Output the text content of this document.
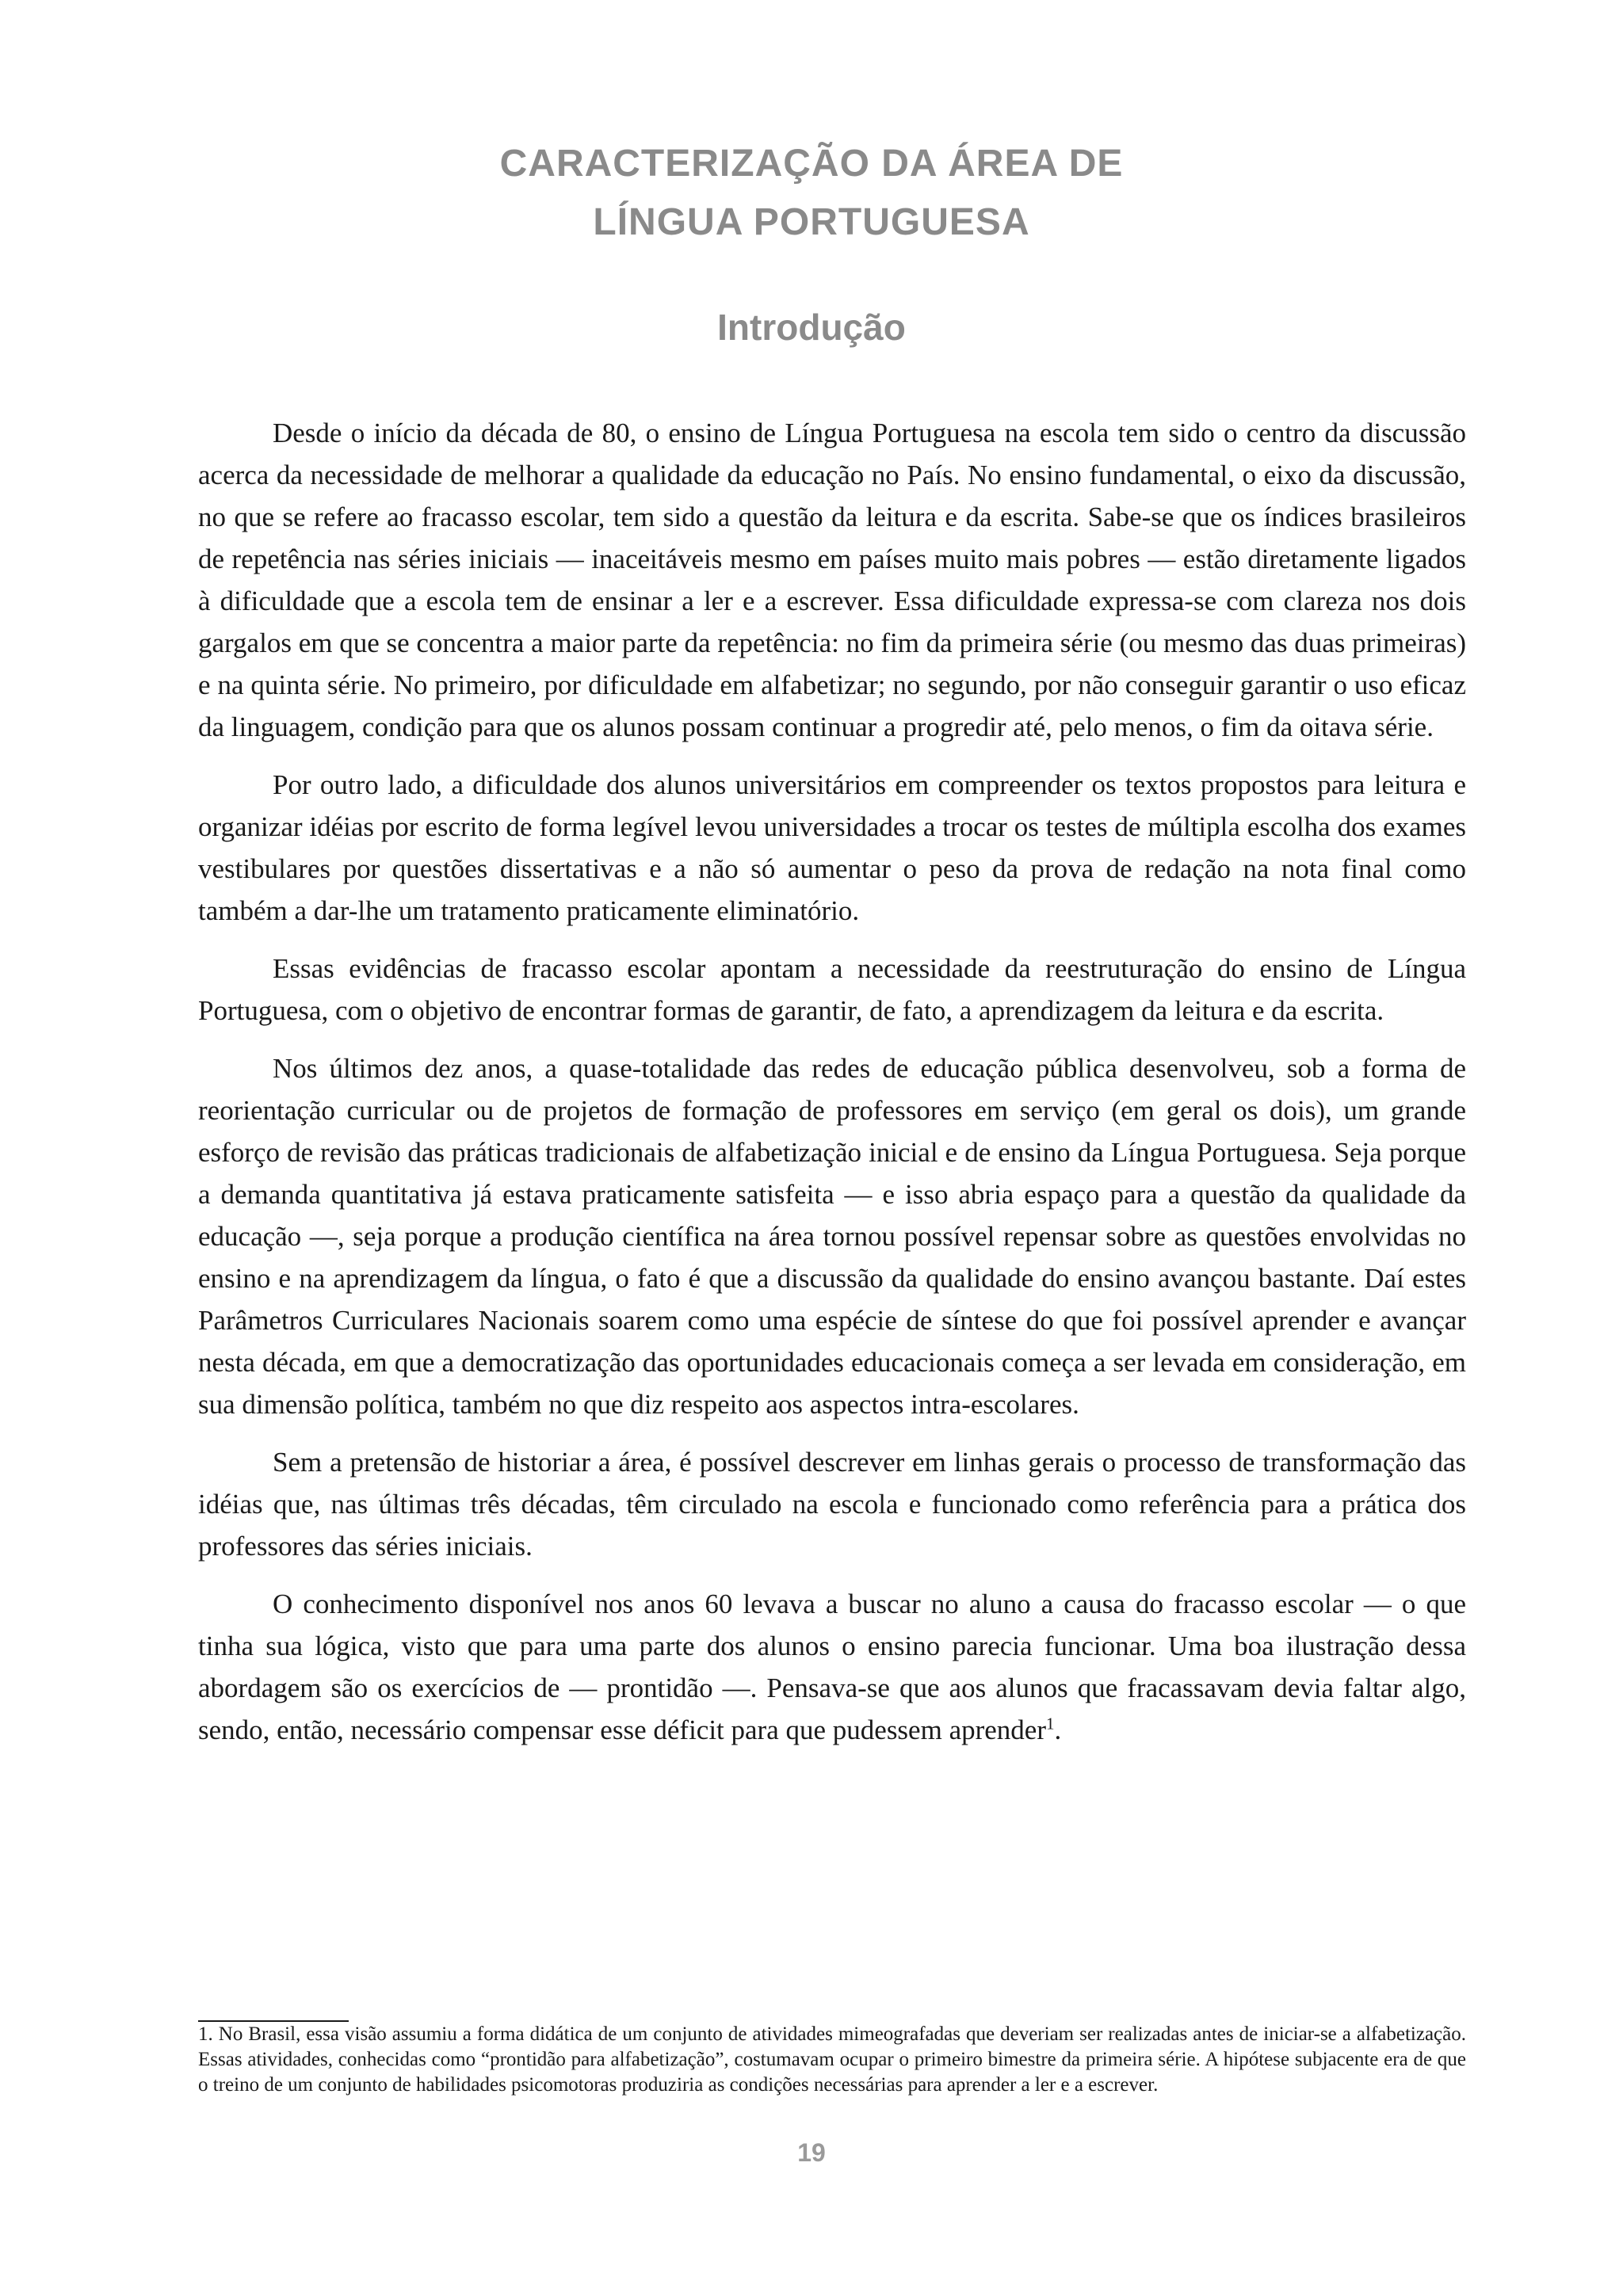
CARACTERIZAÇÃO DA ÁREA DE
LÍNGUA PORTUGUESA
Introdução

Desde o início da década de 80, o ensino de Língua Portuguesa na escola tem sido o centro da discussão acerca da necessidade de melhorar a qualidade da educação no País. No ensino fundamental, o eixo da discussão, no que se refere ao fracasso escolar, tem sido a questão da leitura e da escrita. Sabe-se que os índices brasileiros de repetência nas séries iniciais — inaceitáveis mesmo em países muito mais pobres — estão diretamente ligados à dificuldade que a escola tem de ensinar a ler e a escrever. Essa dificuldade expressa-se com clareza nos dois gargalos em que se concentra a maior parte da repetência: no fim da primeira série (ou mesmo das duas primeiras) e na quinta série. No primeiro, por dificuldade em alfabetizar; no segundo, por não conseguir garantir o uso eficaz da linguagem, condição para que os alunos possam continuar a progredir até, pelo menos, o fim da oitava série.

Por outro lado, a dificuldade dos alunos universitários em compreender os textos propostos para leitura e organizar idéias por escrito de forma legível levou universidades a trocar os testes de múltipla escolha dos exames vestibulares por questões dissertativas e a não só aumentar o peso da prova de redação na nota final como também a dar-lhe um tratamento praticamente eliminatório.

Essas evidências de fracasso escolar apontam a necessidade da reestruturação do ensino de Língua Portuguesa, com o objetivo de encontrar formas de garantir, de fato, a aprendizagem da leitura e da escrita.

Nos últimos dez anos, a quase-totalidade das redes de educação pública desenvolveu, sob a forma de reorientação curricular ou de projetos de formação de professores em serviço (em geral os dois), um grande esforço de revisão das práticas tradicionais de alfabetização inicial e de ensino da Língua Portuguesa. Seja porque a demanda quantitativa já estava praticamente satisfeita — e isso abria espaço para a questão da qualidade da educação —, seja porque a produção científica na área tornou possível repensar sobre as questões envolvidas no ensino e na aprendizagem da língua, o fato é que a discussão da qualidade do ensino avançou bastante. Daí estes Parâmetros Curriculares Nacionais soarem como uma espécie de síntese do que foi possível aprender e avançar nesta década, em que a democratização das oportunidades educacionais começa a ser levada em consideração, em sua dimensão política, também no que diz respeito aos aspectos intra-escolares.

Sem a pretensão de historiar a área, é possível descrever em linhas gerais o processo de transformação das idéias que, nas últimas três décadas, têm circulado na escola e funcionado como referência para a prática dos professores das séries iniciais.

O conhecimento disponível nos anos 60 levava a buscar no aluno a causa do fracasso escolar — o que tinha sua lógica, visto que para uma parte dos alunos o ensino parecia funcionar. Uma boa ilustração dessa abordagem são os exercícios de — prontidão —. Pensava-se que aos alunos que fracassavam devia faltar algo, sendo, então, necessário compensar esse déficit para que pudessem aprender$^1$.

1. No Brasil, essa visão assumiu a forma didática de um conjunto de atividades mimeografadas que deveriam ser realizadas antes de iniciar-se a alfabetização. Essas atividades, conhecidas como “prontidão para alfabetização”, costumavam ocupar o primeiro bimestre da primeira série. A hipótese subjacente era de que o treino de um conjunto de habilidades psicomotoras produziria as condições necessárias para aprender a ler e a escrever.

19
